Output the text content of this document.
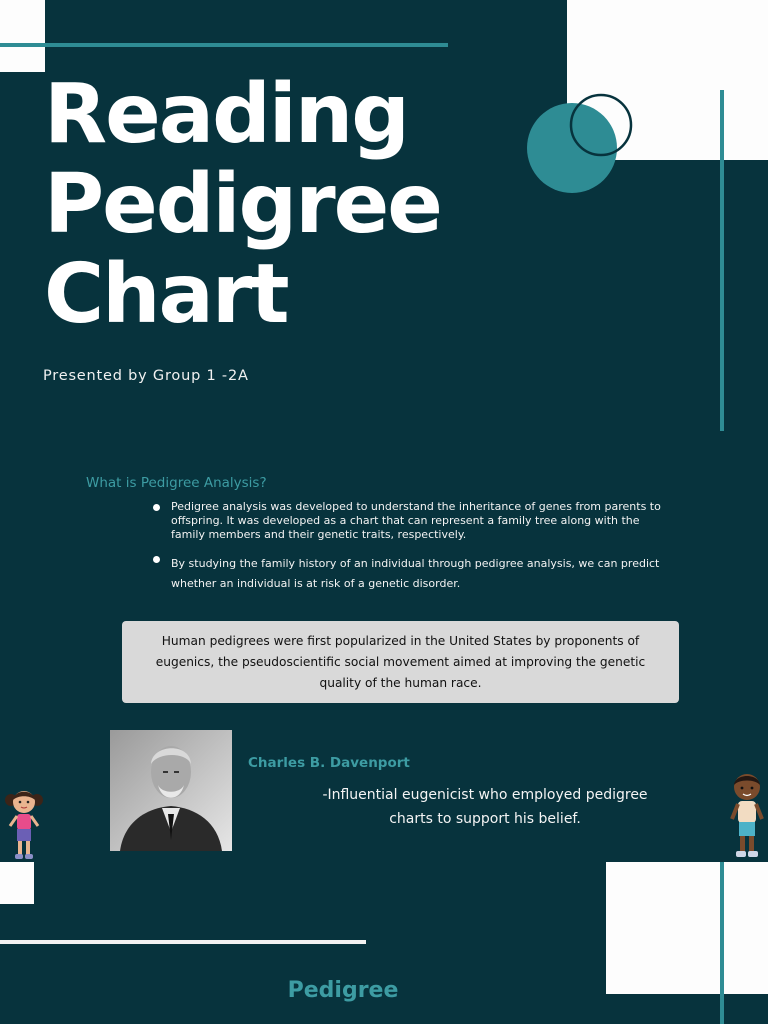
Reading
Pedigree
Chart
Presented by Group 1 -2A
What is Pedigree Analysis?
Pedigree analysis was developed to understand the inheritance of genes from parents to offspring. It was developed as a chart that can represent a family tree along with the family members and their genetic traits, respectively.
By studying the family history of an individual through pedigree analysis, we can predict whether an individual is at risk of a genetic disorder.
Human pedigrees were first popularized in the United States by proponents of eugenics, the pseudoscientific social movement aimed at improving the genetic quality of the human race.
Charles B. Davenport
-Influential eugenicist who employed pedigree
charts to support his belief.
Pedigree
